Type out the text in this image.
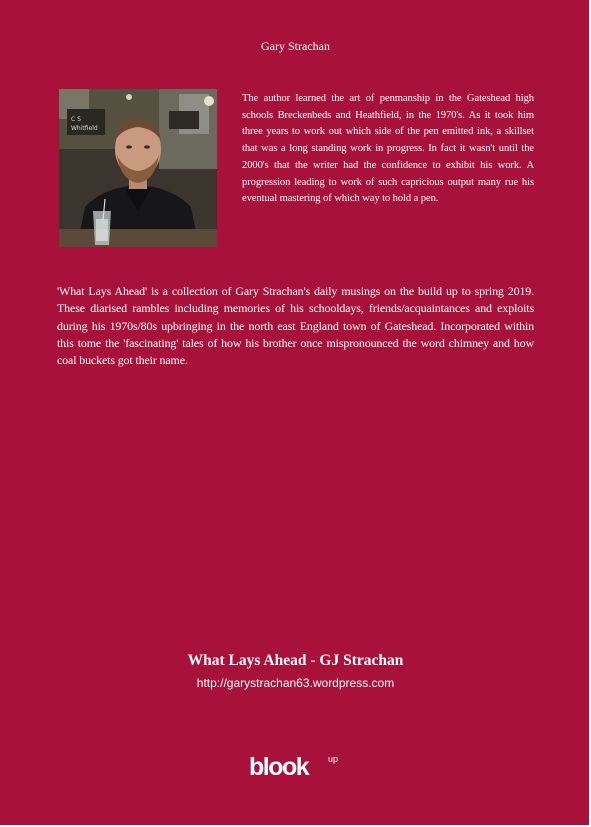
Gary Strachan
C S
Whitfield
The author learned the art of penmanship in the Gateshead high schools Breckenbeds and Heathfield, in the 1970's. As it took him three years to work out which side of the pen emitted ink, a skillset that was a long standing work in progress. In fact it wasn't until the 2000's that the writer had the confidence to exhibit his work. A progression leading to work of such capricious output many rue his eventual mastering of which way to hold a pen.
'What Lays Ahead' is a collection of Gary Strachan's daily musings on the build up to spring 2019. These diarised rambles including memories of his schooldays, friends/acquaintances and exploits during his 1970s/80s upbringing in the north east England town of Gateshead. Incorporated within this tome the 'fascinating' tales of how his brother once mispronounced the word chimney and how coal buckets got their name.
What Lays Ahead - GJ Strachan
http://garystrachan63.wordpress.com
blook up
